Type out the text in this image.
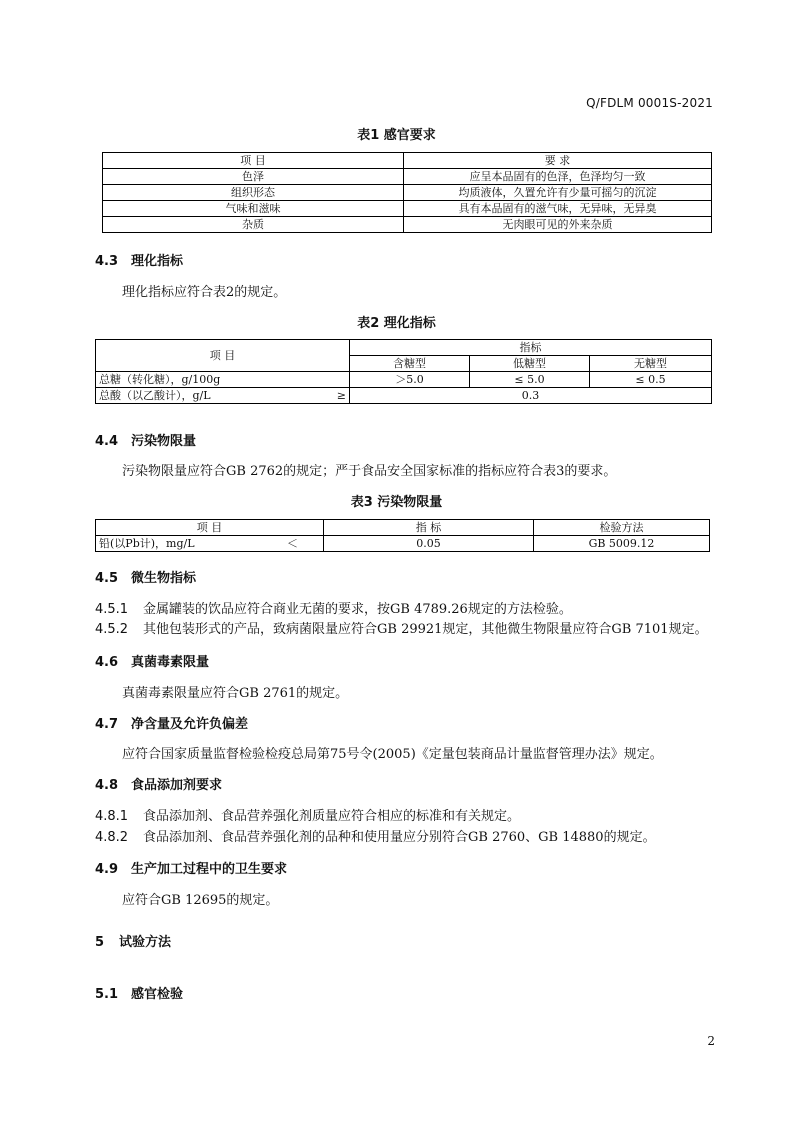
Q/FDLM 0001S-2021
表1 感官要求
项 目	要 求
色泽	应呈本品固有的色泽，色泽均匀一致
组织形态	均质液体，久置允许有少量可摇匀的沉淀
气味和滋味	具有本品固有的滋气味，无异味，无异臭
杂质	无肉眼可见的外来杂质
4.3 理化指标
理化指标应符合表2的规定。
表2 理化指标
项 目	指标		
	含糖型	低糖型	无糖型
总糖（转化糖），g/100g	＞5.0	≤ 5.0	≤ 0.5

总酸（以乙酸计），g/L ≥	0.3		
4.4 污染物限量
污染物限量应符合GB 2762的规定；严于食品安全国家标准的指标应符合表3的要求。
表3 污染物限量
项 目	指 标	检验方法

铅(以Pb计)，mg/L ＜	0.05	GB 5009.12
4.5 微生物指标
4.5.1 金属罐装的饮品应符合商业无菌的要求，按GB 4789.26规定的方法检验。
4.5.2 其他包装形式的产品，致病菌限量应符合GB 29921规定，其他微生物限量应符合GB 7101规定。
4.6 真菌毒素限量
真菌毒素限量应符合GB 2761的规定。
4.7 净含量及允许负偏差
应符合国家质量监督检验检疫总局第75号令(2005)《定量包装商品计量监督管理办法》规定。
4.8 食品添加剂要求
4.8.1 食品添加剂、食品营养强化剂质量应符合相应的标准和有关规定。
4.8.2 食品添加剂、食品营养强化剂的品种和使用量应分别符合GB 2760、GB 14880的规定。
4.9 生产加工过程中的卫生要求
应符合GB 12695的规定。
5 试验方法
5.1 感官检验
2
